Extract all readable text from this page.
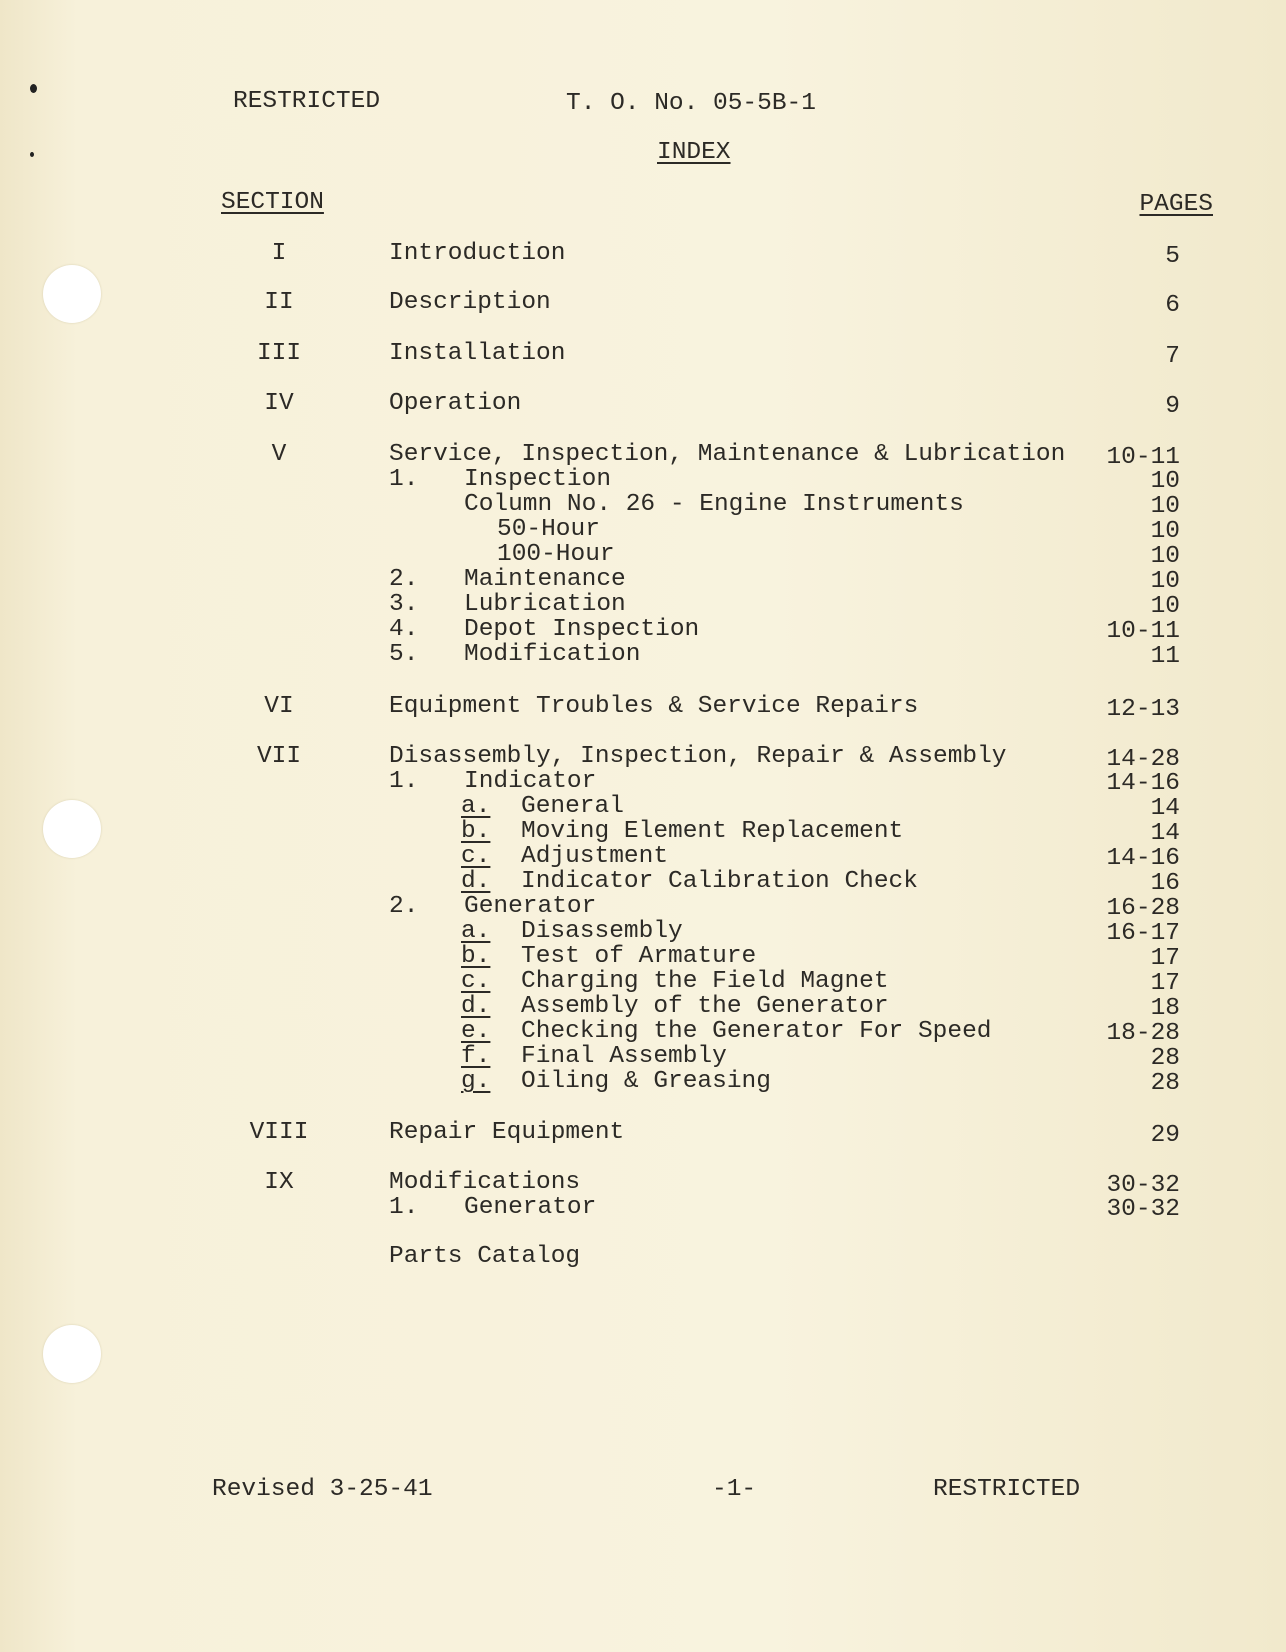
RESTRICTED	T. O. No. 05-5B-1
INDEX
SECTION	PAGES
I	Introduction	5
II	Description	6
III	Installation	7
IV	Operation	9
V	Service, Inspection, Maintenance & Lubrication 10-11
1. Inspection	10
Column No. 26 - Engine Instruments	10
50-Hour	10
100-Hour	10
2. Maintenance	10
3. Lubrication	10
4. Depot Inspection	10-11
5. Modification	11
VI	Equipment Troubles & Service Repairs	12-13
VII	Disassembly, Inspection, Repair & Assembly	14-28
1. Indicator	14-16
a. General	14
b. Moving Element Replacement	14
c. Adjustment	14-16
d. Indicator Calibration Check	16
2. Generator	16-28
a. Disassembly	16-17
b. Test of Armature	17
c. Charging the Field Magnet	17
d. Assembly of the Generator	18
e. Checking the Generator For Speed	18-28
f. Final Assembly	28
g. Oiling & Greasing	28
VIII	Repair Equipment	29
IX	Modifications	30-32
1. Generator	30-32
Parts Catalog
Revised 3-25-41	-1-	RESTRICTED
